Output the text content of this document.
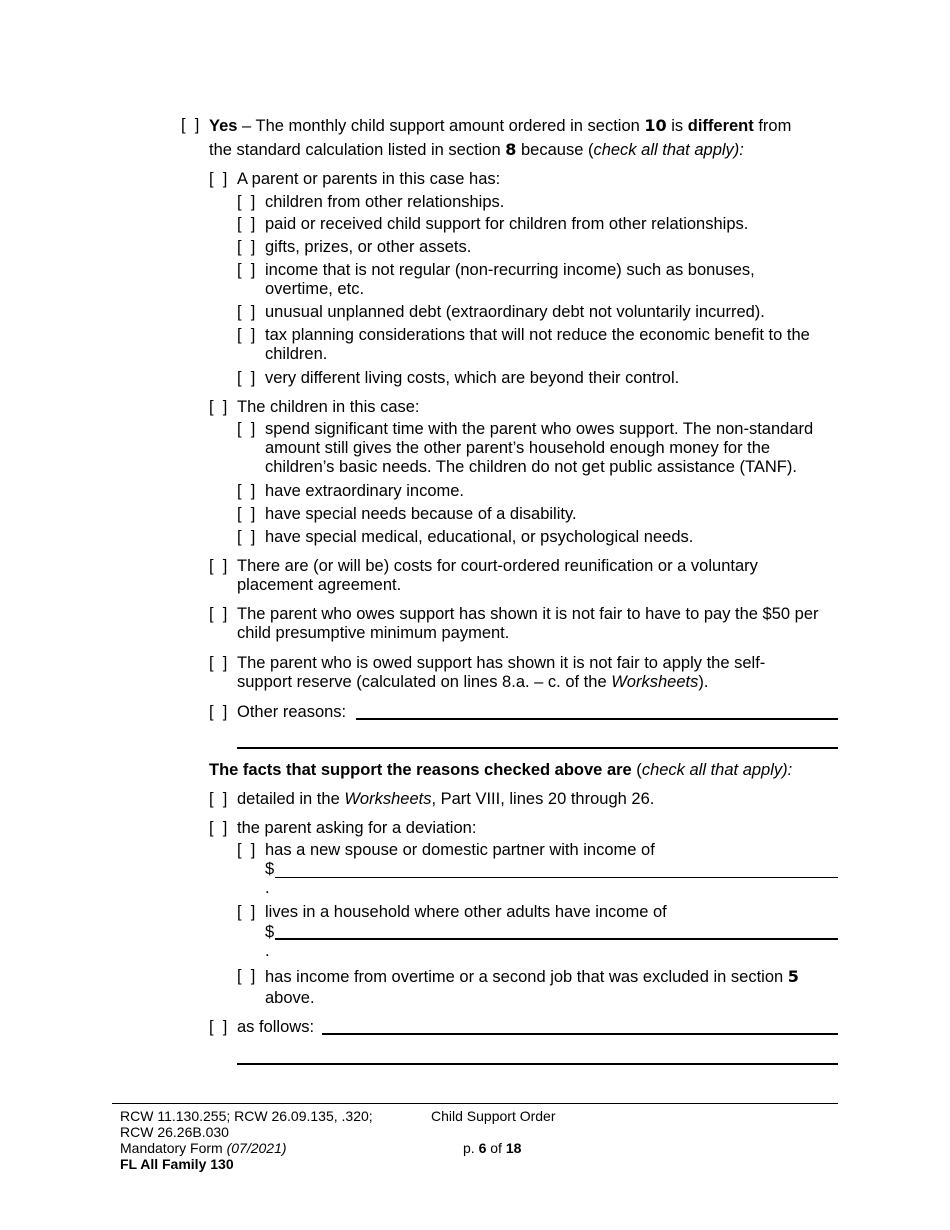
[  ] Yes – The monthly child support amount ordered in section 10 is different from
the standard calculation listed in section 8 because (check all that apply):
[  ] A parent or parents in this case has:
[  ] children from other relationships.
[  ] paid or received child support for children from other relationships.
[  ] gifts, prizes, or other assets.
[  ] income that is not regular (non-recurring income) such as bonuses, overtime, etc.
[  ] unusual unplanned debt (extraordinary debt not voluntarily incurred).
[  ] tax planning considerations that will not reduce the economic benefit to the children.
[  ] very different living costs, which are beyond their control.
[  ] The children in this case:
[  ] spend significant time with the parent who owes support. The non-standard amount still gives the other parent’s household enough money for the children’s basic needs. The children do not get public assistance (TANF).
[  ] have extraordinary income.
[  ] have special needs because of a disability.
[  ] have special medical, educational, or psychological needs.
[  ] There are (or will be) costs for court-ordered reunification or a voluntary placement agreement.
[  ] The parent who owes support has shown it is not fair to have to pay the $50 per child presumptive minimum payment.
[  ] The parent who is owed support has shown it is not fair to apply the self-support reserve (calculated on lines 8.a. – c. of the Worksheets).
[  ] Other reasons:
The facts that support the reasons checked above are (check all that apply):
[  ] detailed in the Worksheets, Part VIII, lines 20 through 26.
[  ] the parent asking for a deviation:
[  ] has a new spouse or domestic partner with income of
$
.
[  ] lives in a household where other adults have income of
$
.
[  ] has income from overtime or a second job that was excluded in section 5
above.
[  ] as follows:
RCW 11.130.255; RCW 26.09.135, .320;
RCW 26.26B.030
Mandatory Form (07/2021)
FL All Family 130
Child Support Order
p. 6 of 18
